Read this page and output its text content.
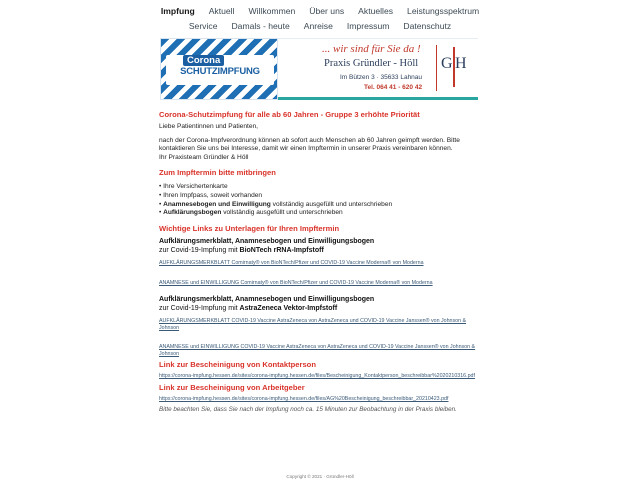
Impfung Aktuell Willkommen Über uns Aktuelles Leistungsspektrum
Service Damals - heute Anreise Impressum Datenschutz
Corona
SCHUTZIMPFUNG
... wir sind für Sie da !
Praxis Gründler - Höll
Im Bützen 3 · 35633 Lahnau
Tel. 064 41 - 620 42
G H
Corona-Schutzimpfung für alle ab 60 Jahren - Gruppe 3 erhöhte Priorität
Liebe Patientinnen und Patienten,
nach der Corona-Impfverordnung können ab sofort auch Menschen ab 60 Jahren geimpft werden. Bitte kontaktieren Sie uns bei Interesse, damit wir einen Impftermin in unserer Praxis vereinbaren können.
Ihr Praxisteam Gründler & Höll
Zum Impftermin bitte mitbringen
• Ihre Versichertenkarte
• Ihren Impfpass, soweit vorhanden
• Anamnesebogen und Einwilligung vollständig ausgefüllt und unterschrieben
• Aufklärungsbogen vollständig ausgefüllt und unterschrieben
Wichtige Links zu Unterlagen für Ihren Impftermin
Aufklärungsmerkblatt, Anamnesebogen und Einwilligungsbogen
zur Covid-19-Impfung mit BioNTech rRNA-Impfstoff
AUFKLÄRUNGSMERKBLATT Comirnaty® von BioNTech/Pfizer und COVID-19 Vaccine Moderna® von Moderna
ANAMNESE und EINWILLIGUNG Comirnaty® von BioNTech/Pfizer und COVID-19 Vaccine Moderna® von Moderna
Aufklärungsmerkblatt, Anamnesebogen und Einwilligungsbogen
zur Covid-19-Impfung mit AstraZeneca Vektor-Impfstoff
AUFKLÄRUNGSMERKBLATT COVID-19 Vaccine AstraZeneca von AstraZeneca und COVID-19 Vaccine Janssen® von Johnson & Johnson
ANAMNESE und EINWILLIGUNG COVID-19 Vaccine AstraZeneca von AstraZeneca und COVID-19 Vaccine Janssen® von Johnson & Johnson
Link zur Bescheinigung von Kontaktperson
https://corona-impfung.hessen.de/sites/corona-impfung.hessen.de/files/Bescheinigung_Kontaktperson_beschreibbar%2020210316.pdf
Link zur Bescheinigung von Arbeitgeber
https://corona-impfung.hessen.de/sites/corona-impfung.hessen.de/files/AG%20Bescheinigung_beschreibbar_20210423.pdf
Bitte beachten Sie, dass Sie nach der Impfung noch ca. 15 Minuten zur Beobachtung in der Praxis bleiben.
Copyright © 2021 · Gründler-Höll
